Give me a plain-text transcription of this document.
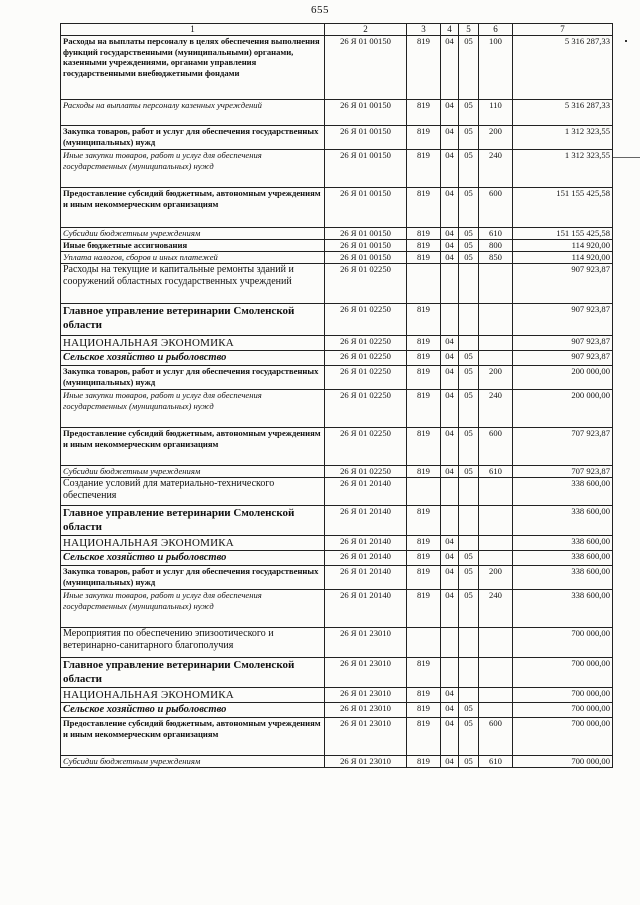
655
1	2	3	4	5	6	7
Расходы на выплаты персоналу в целях обеспечения выполнения функций государственными (муниципальными) органами, казенными учреждениями, органами управления государственными внебюджетными фондами	26 Я 01 00150	819	04	05	100	5 316 287,33
Расходы на выплаты персоналу казенных учреждений	26 Я 01 00150	819	04	05	110	5 316 287,33
Закупка товаров, работ и услуг для обеспечения государственных (муниципальных) нужд	26 Я 01 00150	819	04	05	200	1 312 323,55
Иные закупки товаров, работ и услуг для обеспечения государственных (муниципальных) нужд	26 Я 01 00150	819	04	05	240	1 312 323,55
Предоставление субсидий бюджетным, автономным учреждениям и иным некоммерческим организациям	26 Я 01 00150	819	04	05	600	151 155 425,58
Субсидии бюджетным учреждениям	26 Я 01 00150	819	04	05	610	151 155 425,58
Иные бюджетные ассигнования	26 Я 01 00150	819	04	05	800	114 920,00
Уплата налогов, сборов и иных платежей	26 Я 01 00150	819	04	05	850	114 920,00
Расходы на текущие и капитальные ремонты зданий и сооружений областных государственных учреждений	26 Я 01 02250					907 923,87
Главное управление ветеринарии Смоленской области	26 Я 01 02250	819				907 923,87
НАЦИОНАЛЬНАЯ ЭКОНОМИКА	26 Я 01 02250	819	04			907 923,87
Сельское хозяйство и рыболовство	26 Я 01 02250	819	04	05		907 923,87
Закупка товаров, работ и услуг для обеспечения государственных (муниципальных) нужд	26 Я 01 02250	819	04	05	200	200 000,00
Иные закупки товаров, работ и услуг для обеспечения государственных (муниципальных) нужд	26 Я 01 02250	819	04	05	240	200 000,00
Предоставление субсидий бюджетным, автономным учреждениям и иным некоммерческим организациям	26 Я 01 02250	819	04	05	600	707 923,87
Субсидии бюджетным учреждениям	26 Я 01 02250	819	04	05	610	707 923,87
Создание условий для материально-технического обеспечения	26 Я 01 20140					338 600,00
Главное управление ветеринарии Смоленской области	26 Я 01 20140	819				338 600,00
НАЦИОНАЛЬНАЯ ЭКОНОМИКА	26 Я 01 20140	819	04			338 600,00
Сельское хозяйство и рыболовство	26 Я 01 20140	819	04	05		338 600,00
Закупка товаров, работ и услуг для обеспечения государственных (муниципальных) нужд	26 Я 01 20140	819	04	05	200	338 600,00
Иные закупки товаров, работ и услуг для обеспечения государственных (муниципальных) нужд	26 Я 01 20140	819	04	05	240	338 600,00
Мероприятия по обеспечению эпизоотического и ветеринарно-санитарного благополучия	26 Я 01 23010					700 000,00
Главное управление ветеринарии Смоленской области	26 Я 01 23010	819				700 000,00
НАЦИОНАЛЬНАЯ ЭКОНОМИКА	26 Я 01 23010	819	04			700 000,00
Сельское хозяйство и рыболовство	26 Я 01 23010	819	04	05		700 000,00
Предоставление субсидий бюджетным, автономным учреждениям и иным некоммерческим организациям	26 Я 01 23010	819	04	05	600	700 000,00
Субсидии бюджетным учреждениям	26 Я 01 23010	819	04	05	610	700 000,00
